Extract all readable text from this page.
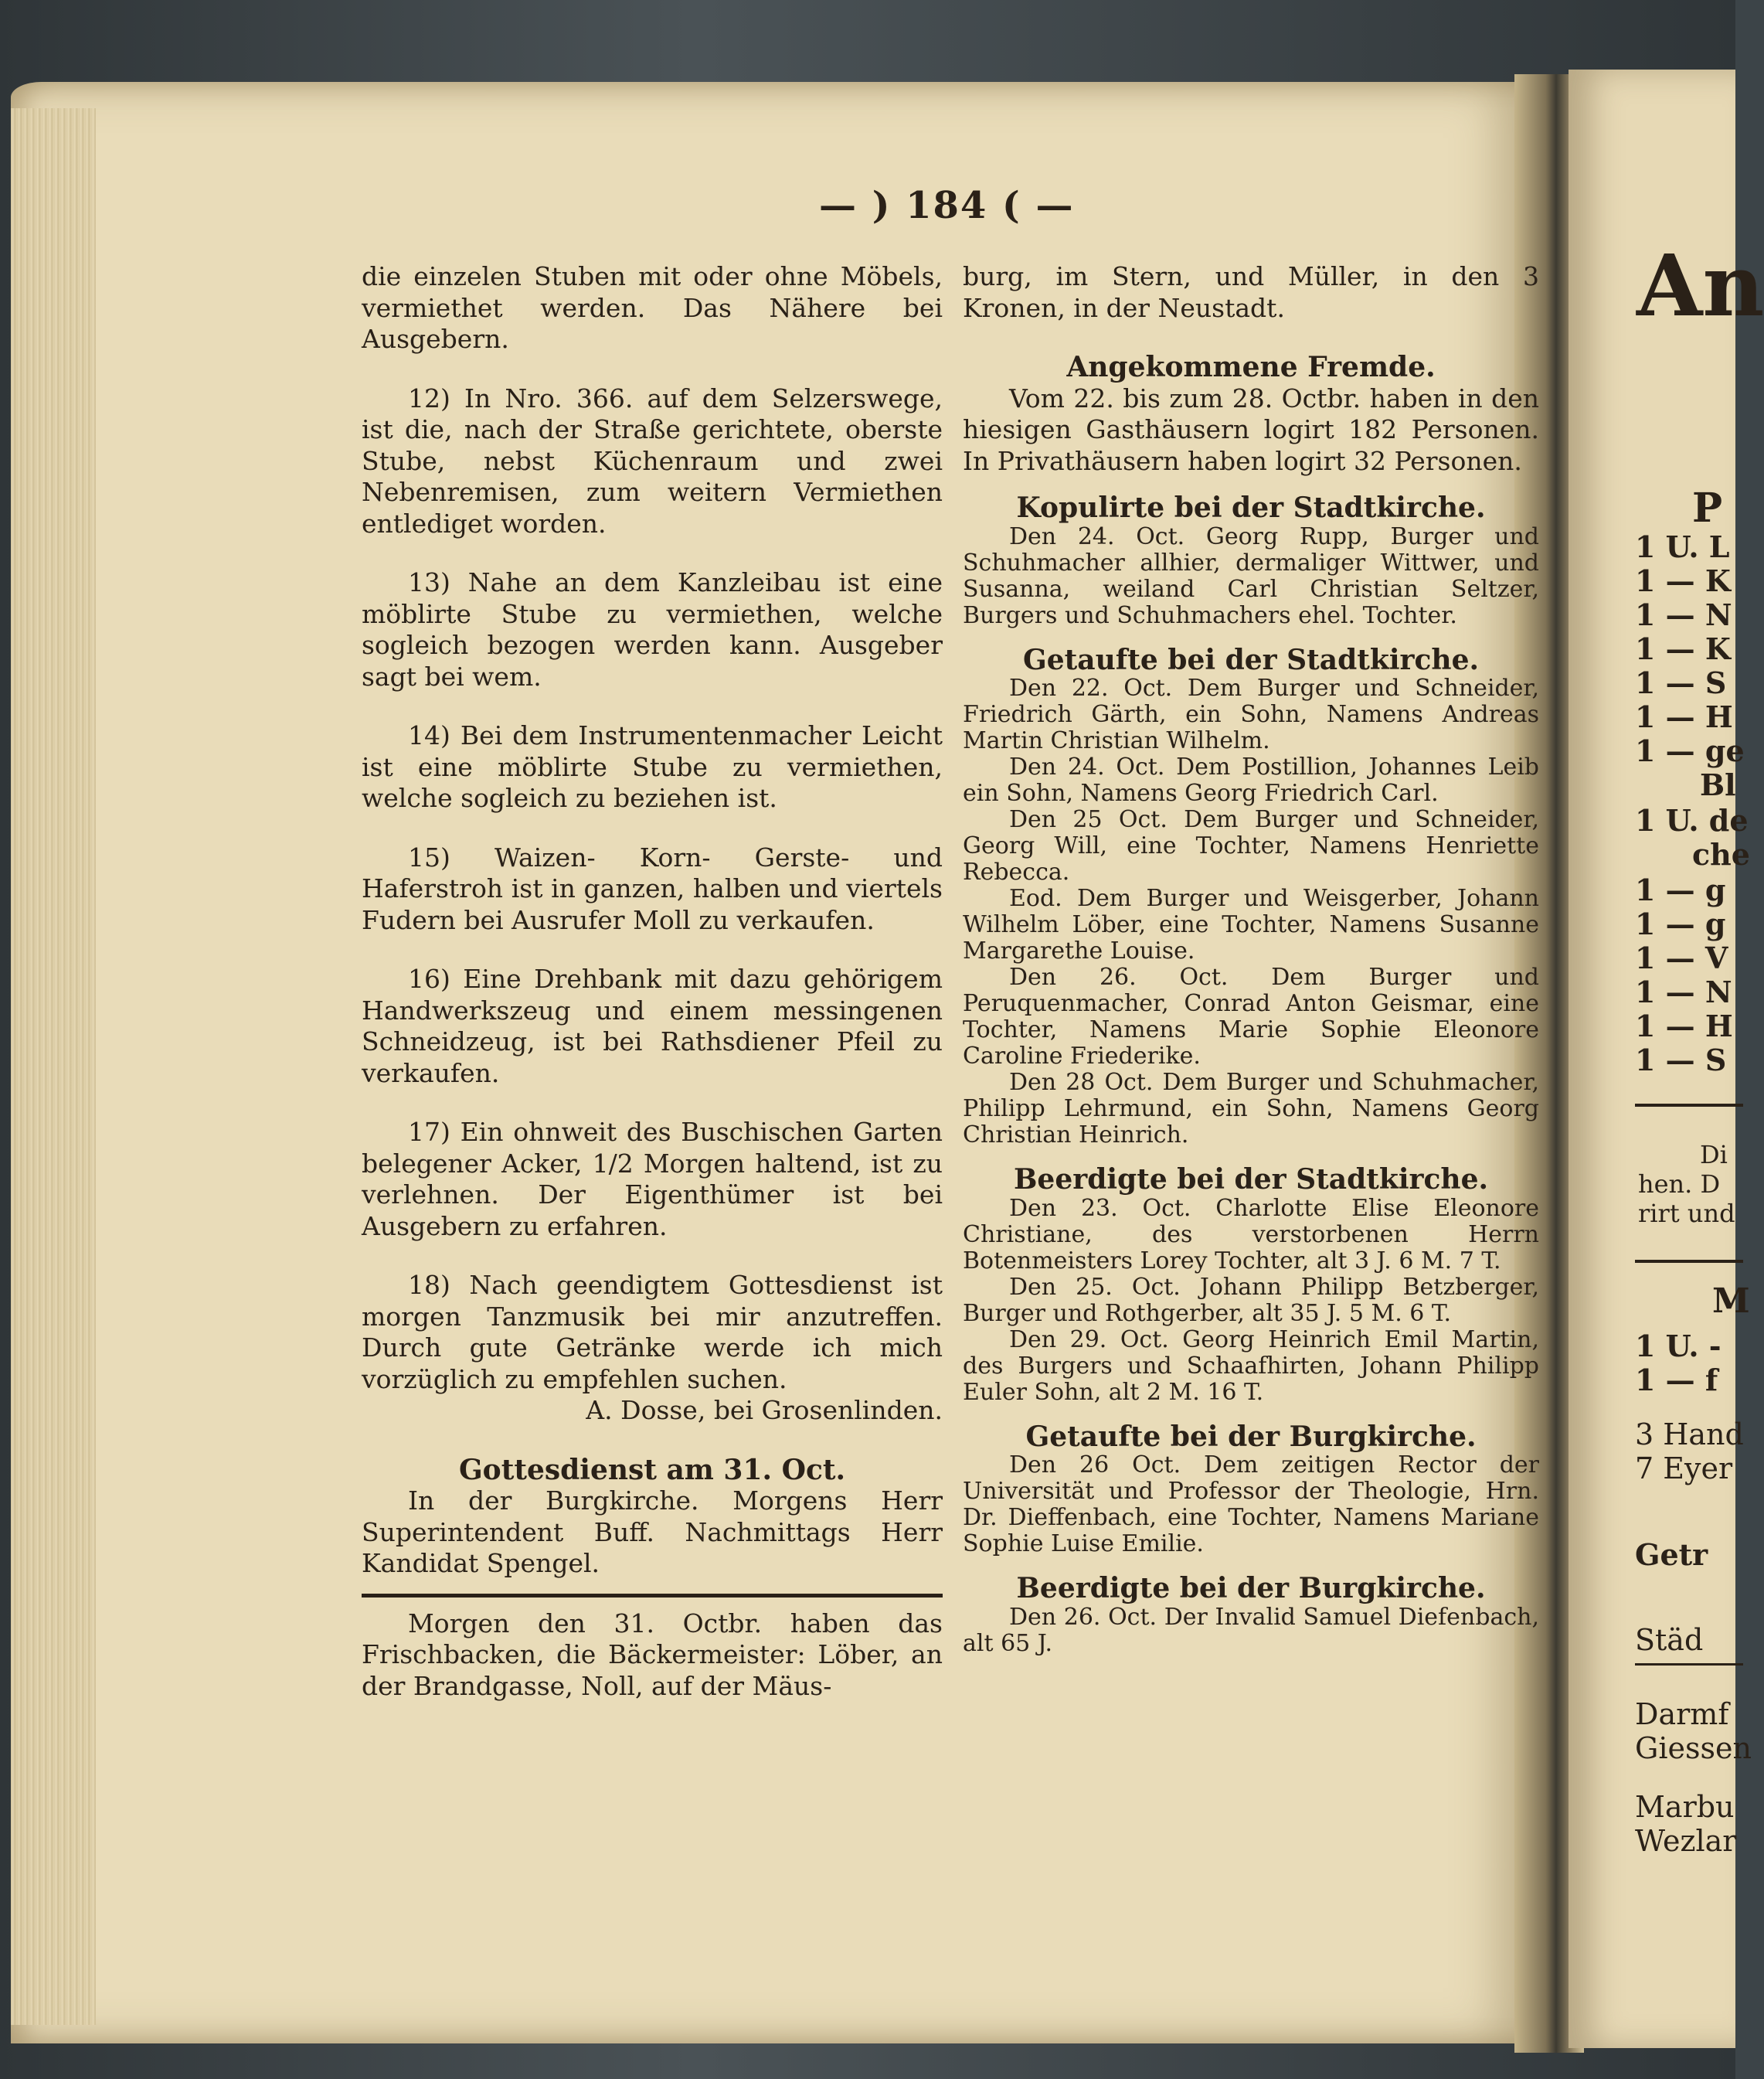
— ) 184 ( —

die einzelen Stuben mit oder ohne Möbels, vermiethet werden. Das Nähere bei Ausgebern.

12) In Nro. 366. auf dem Selzerswege, ist die, nach der Straße gerichtete, oberste Stube, nebst Küchenraum und zwei Nebenremisen, zum weitern Vermiethen entlediget worden.

13) Nahe an dem Kanzleibau ist eine möblirte Stube zu vermiethen, welche sogleich bezogen werden kann. Ausgeber sagt bei wem.

14) Bei dem Instrumentenmacher Leicht ist eine möblirte Stube zu vermiethen, welche sogleich zu beziehen ist.

15) Waizen- Korn- Gerste- und Haferstroh ist in ganzen, halben und viertels Fudern bei Ausrufer Moll zu verkaufen.

16) Eine Drehbank mit dazu gehörigem Handwerkszeug und einem messingenen Schneidzeug, ist bei Rathsdiener Pfeil zu verkaufen.

17) Ein ohnweit des Buschischen Garten belegener Acker, 1/2 Morgen haltend, ist zu verlehnen. Der Eigenthümer ist bei Ausgebern zu erfahren.

18) Nach geendigtem Gottesdienst ist morgen Tanzmusik bei mir anzutreffen. Durch gute Getränke werde ich mich vorzüglich zu empfehlen suchen.

A. Dosse, bei Grosenlinden.

Gottesdienst am 31. Oct.

In der Burgkirche. Morgens Herr Superintendent Buff. Nachmittags Herr Kandidat Spengel.

Morgen den 31. Octbr. haben das Frischbacken, die Bäckermeister: Löber, an der Brandgasse, Noll, auf der Mäus-

burg, im Stern, und Müller, in den 3 Kronen, in der Neustadt.

Angekommene Fremde.

Vom 22. bis zum 28. Octbr. haben in den hiesigen Gasthäusern logirt 182 Personen. In Privathäusern haben logirt 32 Personen.

Kopulirte bei der Stadtkirche.

Den 24. Oct. Georg Rupp, Burger und Schuhmacher allhier, dermaliger Wittwer, und Susanna, weiland Carl Christian Seltzer, Burgers und Schuhmachers ehel. Tochter.

Getaufte bei der Stadtkirche.

Den 22. Oct. Dem Burger und Schneider, Friedrich Gärth, ein Sohn, Namens Andreas Martin Christian Wilhelm.

Den 24. Oct. Dem Postillion, Johannes Leib ein Sohn, Namens Georg Friedrich Carl.

Den 25 Oct. Dem Burger und Schneider, Georg Will, eine Tochter, Namens Henriette Rebecca.

Eod. Dem Burger und Weisgerber, Johann Wilhelm Löber, eine Tochter, Namens Susanne Margarethe Louise.

Den 26. Oct. Dem Burger und Peruquenmacher, Conrad Anton Geismar, eine Tochter, Namens Marie Sophie Eleonore Caroline Friederike.

Den 28 Oct. Dem Burger und Schuhmacher, Philipp Lehrmund, ein Sohn, Namens Georg Christian Heinrich.

Beerdigte bei der Stadtkirche.

Den 23. Oct. Charlotte Elise Eleonore Christiane, des verstorbenen Herrn Botenmeisters Lorey Tochter, alt 3 J. 6 M. 7 T.

Den 25. Oct. Johann Philipp Betzberger, Burger und Rothgerber, alt 35 J. 5 M. 6 T.

Den 29. Oct. Georg Heinrich Emil Martin, des Burgers und Schaafhirten, Johann Philipp Euler Sohn, alt 2 M. 16 T.

Getaufte bei der Burgkirche.

Den 26 Oct. Dem zeitigen Rector der Universität und Professor der Theologie, Hrn. Dr. Dieffenbach, eine Tochter, Namens Mariane Sophie Luise Emilie.

Beerdigte bei der Burgkirche.

Den 26. Oct. Der Invalid Samuel Diefenbach, alt 65 J.

An
P
1 U. L
1 — K
1 — N
1 — K
1 — S
1 — H
1 — ge
Bl
1 U. de
che
1 — g
1 — g
1 — V
1 — N
1 — H
1 — S
Di
hen. D
rirt und
M
1 U. -
1 — f
3 Hand
7 Eyer
Getr
Städ
Darmf
Giessen
Marbu
Wezlar
